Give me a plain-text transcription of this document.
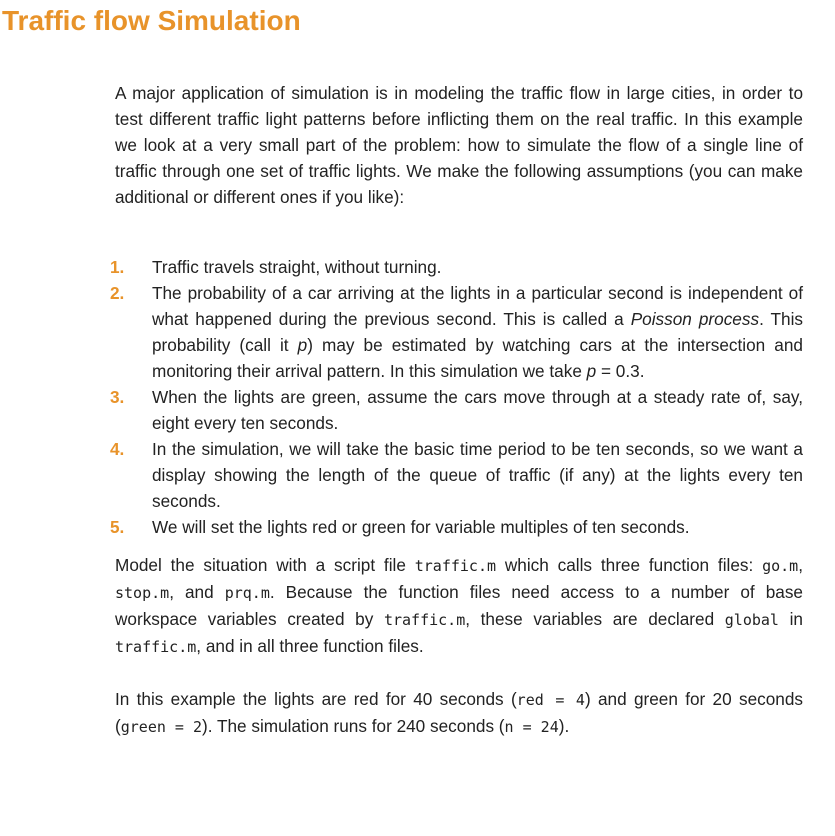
Traffic flow Simulation

A major application of simulation is in modeling the traffic flow in large cities, in order to test different traffic light patterns before inflicting them on the real traffic. In this example we look at a very small part of the problem: how to simulate the flow of a single line of traffic through one set of traffic lights. We make the following assumptions (you can make additional or different ones if you like):

1. Traffic travels straight, without turning.
2. The probability of a car arriving at the lights in a particular second is independent of what happened during the previous second. This is called a Poisson process. This probability (call it p) may be estimated by watching cars at the intersection and monitoring their arrival pattern. In this simulation we take p = 0.3.
3. When the lights are green, assume the cars move through at a steady rate of, say, eight every ten seconds.
4. In the simulation, we will take the basic time period to be ten seconds, so we want a display showing the length of the queue of traffic (if any) at the lights every ten seconds.
5. We will set the lights red or green for variable multiples of ten seconds.

Model the situation with a script file traffic.m which calls three function files: go.m, stop.m, and prq.m. Because the function files need access to a number of base workspace variables created by traffic.m, these variables are declared global in traffic.m, and in all three function files.

In this example the lights are red for 40 seconds (red = 4) and green for 20 seconds (green = 2). The simulation runs for 240 seconds (n = 24).
